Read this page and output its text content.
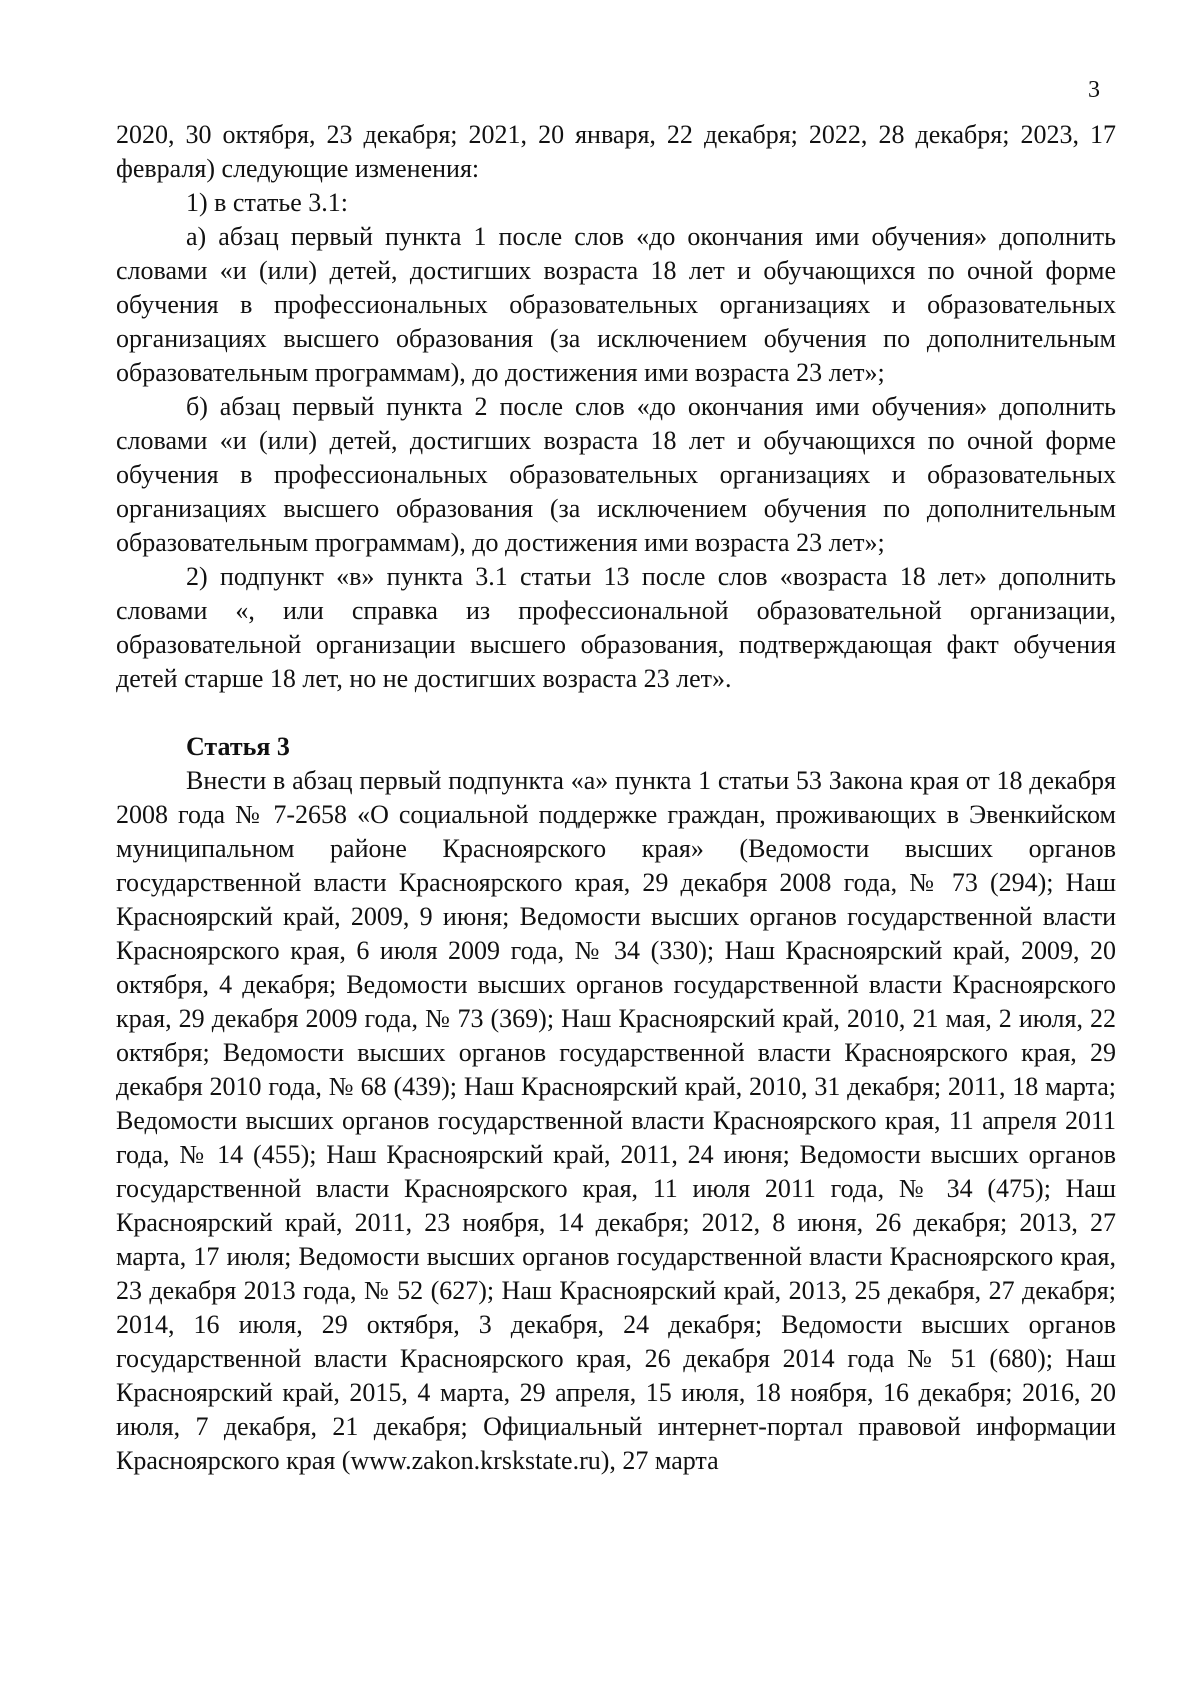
3

2020, 30 октября, 23 декабря; 2021, 20 января, 22 декабря; 2022, 28 декабря; 2023, 17 февраля) следующие изменения:

1) в статье 3.1:

а) абзац первый пункта 1 после слов «до окончания ими обучения» дополнить словами «и (или) детей, достигших возраста 18 лет и обучающихся по очной форме обучения в профессиональных образовательных организациях и образовательных организациях высшего образования (за исключением обучения по дополнительным образовательным программам), до достижения ими возраста 23 лет»;

б) абзац первый пункта 2 после слов «до окончания ими обучения» дополнить словами «и (или) детей, достигших возраста 18 лет и обучающихся по очной форме обучения в профессиональных образовательных организациях и образовательных организациях высшего образования (за исключением обучения по дополнительным образовательным программам), до достижения ими возраста 23 лет»;

2) подпункт «в» пункта 3.1 статьи 13 после слов «возраста 18 лет» дополнить словами «, или справка из профессиональной образовательной организации, образовательной организации высшего образования, подтверждающая факт обучения детей старше 18 лет, но не достигших возраста 23 лет».

Статья 3

Внести в абзац первый подпункта «а» пункта 1 статьи 53 Закона края от 18 декабря 2008 года № 7-2658 «О социальной поддержке граждан, проживающих в Эвенкийском муниципальном районе Красноярского края» (Ведомости высших органов государственной власти Красноярского края, 29 декабря 2008 года, № 73 (294); Наш Красноярский край, 2009, 9 июня; Ведомости высших органов государственной власти Красноярского края, 6 июля 2009 года, № 34 (330); Наш Красноярский край, 2009, 20 октября, 4 декабря; Ведомости высших органов государственной власти Красноярского края, 29 декабря 2009 года, № 73 (369); Наш Красноярский край, 2010, 21 мая, 2 июля, 22 октября; Ведомости высших органов государственной власти Красноярского края, 29 декабря 2010 года, № 68 (439); Наш Красноярский край, 2010, 31 декабря; 2011, 18 марта; Ведомости высших органов государственной власти Красноярского края, 11 апреля 2011 года, № 14 (455); Наш Красноярский край, 2011, 24 июня; Ведомости высших органов государственной власти Красноярского края, 11 июля 2011 года, № 34 (475); Наш Красноярский край, 2011, 23 ноября, 14 декабря; 2012, 8 июня, 26 декабря; 2013, 27 марта, 17 июля; Ведомости высших органов государственной власти Красноярского края, 23 декабря 2013 года, № 52 (627); Наш Красноярский край, 2013, 25 декабря, 27 декабря; 2014, 16 июля, 29 октября, 3 декабря, 24 декабря; Ведомости высших органов государственной власти Красноярского края, 26 декабря 2014 года № 51 (680); Наш Красноярский край, 2015, 4 марта, 29 апреля, 15 июля, 18 ноября, 16 декабря; 2016, 20 июля, 7 декабря, 21 декабря; Официальный интернет-портал правовой информации Красноярского края (www.zakon.krskstate.ru), 27 марта
